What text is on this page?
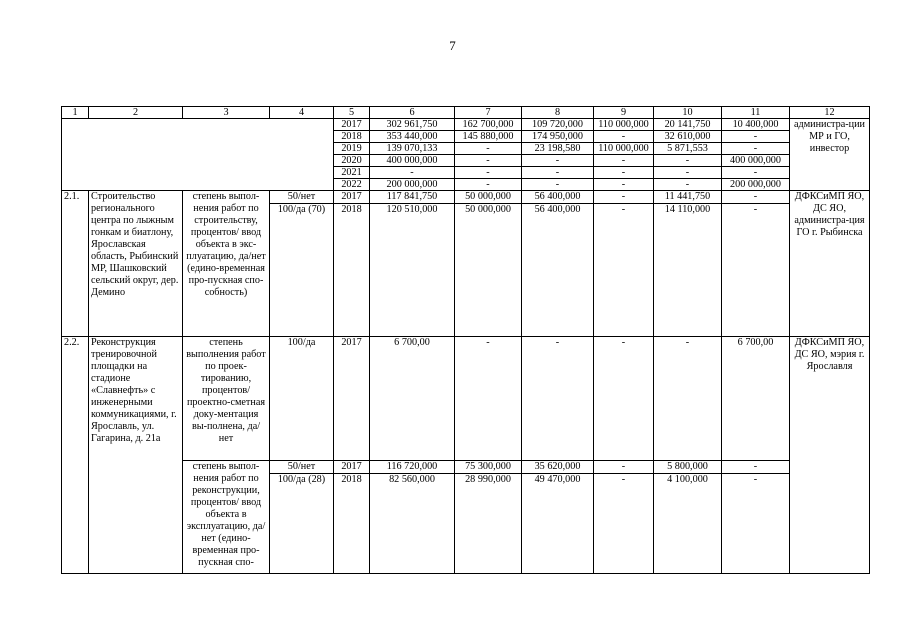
7
1	2	3	4	5	6	7	8	9	10	11	12
				2017	302 961,750	162 700,000	109 720,000	110 000,000	20 141,750	10 400,000	администра-ции МР и ГО, инвестор
				2018	353 440,000	145 880,000	174 950,000	-	32 610,000	-	
				2019	139 070,133	-	23 198,580	110 000,000	5 871,553	-	
				2020	400 000,000	-	-	-	-	400 000,000	
				2021	-	-	-	-	-	-	
				2022	200 000,000	-	-	-	-	200 000,000	
2.1.	Строительство регионального центра по лыжным гонкам и биатлону, Ярославская область, Рыбинский МР, Шашковский сельский округ, дер. Демино	степень выпол-нения работ по строительству, процентов/ ввод объекта в экс-плуатацию, да/нет (едино-временная про-пускная спо-собность)	50/нет	2017	117 841,750	50 000,000	56 400,000	-	11 441,750	-	ДФКСиМП ЯО, ДС ЯО, администра-ция ГО г. Рыбинска
			100/да (70)	2018	120 510,000	50 000,000	56 400,000	-	14 110,000	-	
2.2.	Реконструкция тренировочной площадки на стадионе «Славнефть» с инженерными коммуникациями, г. Ярославль, ул. Гагарина, д. 21а	степень выполнения работ по проек-тированию, процентов/ проектно-сметная доку-ментация вы-полнена, да/нет	100/да	2017	6 700,00	-	-	-	-	6 700,00	ДФКСиМП ЯО, ДС ЯО, мэрия г. Ярославля
		степень выпол-нения работ по реконструкции, процентов/ ввод объекта в эксплуатацию, да/нет (едино-временная про-пускная спо-	50/нет	2017	116 720,000	75 300,000	35 620,000	-	5 800,000	-	
			100/да (28)	2018	82 560,000	28 990,000	49 470,000	-	4 100,000	-	
